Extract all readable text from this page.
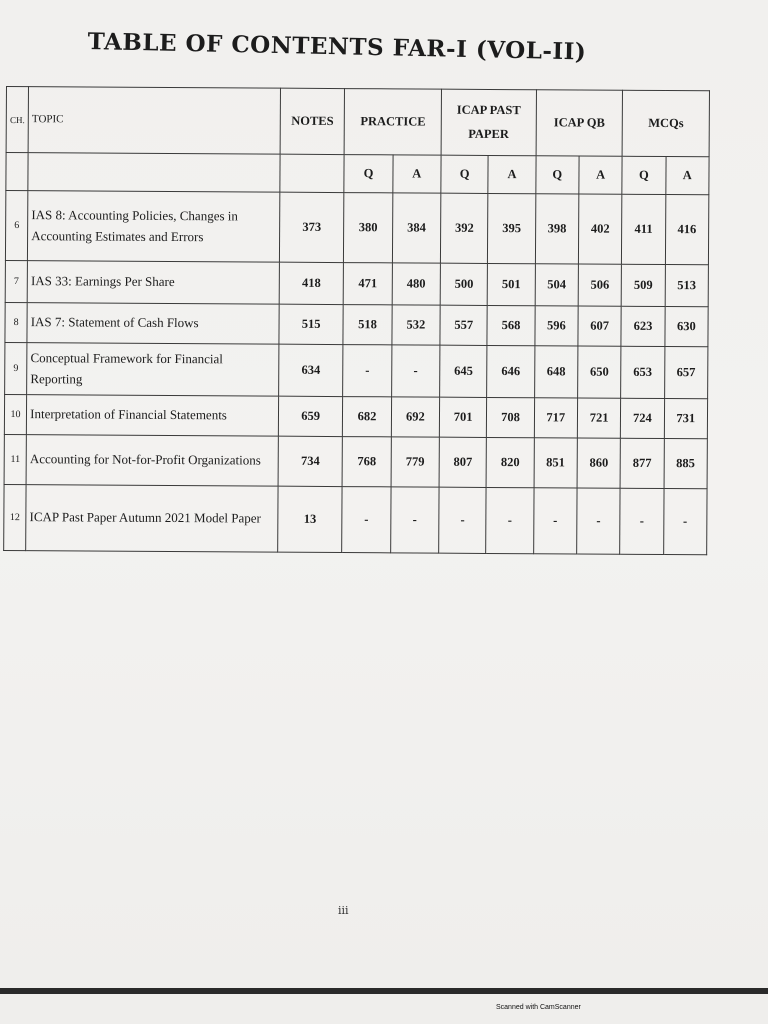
TABLE OF CONTENTS FAR-I (VOL-II)
CH.	TOPIC	NOTES	PRACTICE		ICAP PAST PAPER		ICAP QB		MCQs	
			Q	A	Q	A	Q	A	Q	A
6	IAS 8: Accounting Policies, Changes in Accounting Estimates and Errors	373	380	384	392	395	398	402	411	416
7	IAS 33: Earnings Per Share	418	471	480	500	501	504	506	509	513
8	IAS 7: Statement of Cash Flows	515	518	532	557	568	596	607	623	630
9	Conceptual Framework for Financial Reporting	634	-	-	645	646	648	650	653	657
10	Interpretation of Financial Statements	659	682	692	701	708	717	721	724	731
11	Accounting for Not-for-Profit Organizations	734	768	779	807	820	851	860	877	885
12	ICAP Past Paper Autumn 2021 Model Paper	13	-	-	-	-	-	-	-	-
iii
Scanned with CamScanner
